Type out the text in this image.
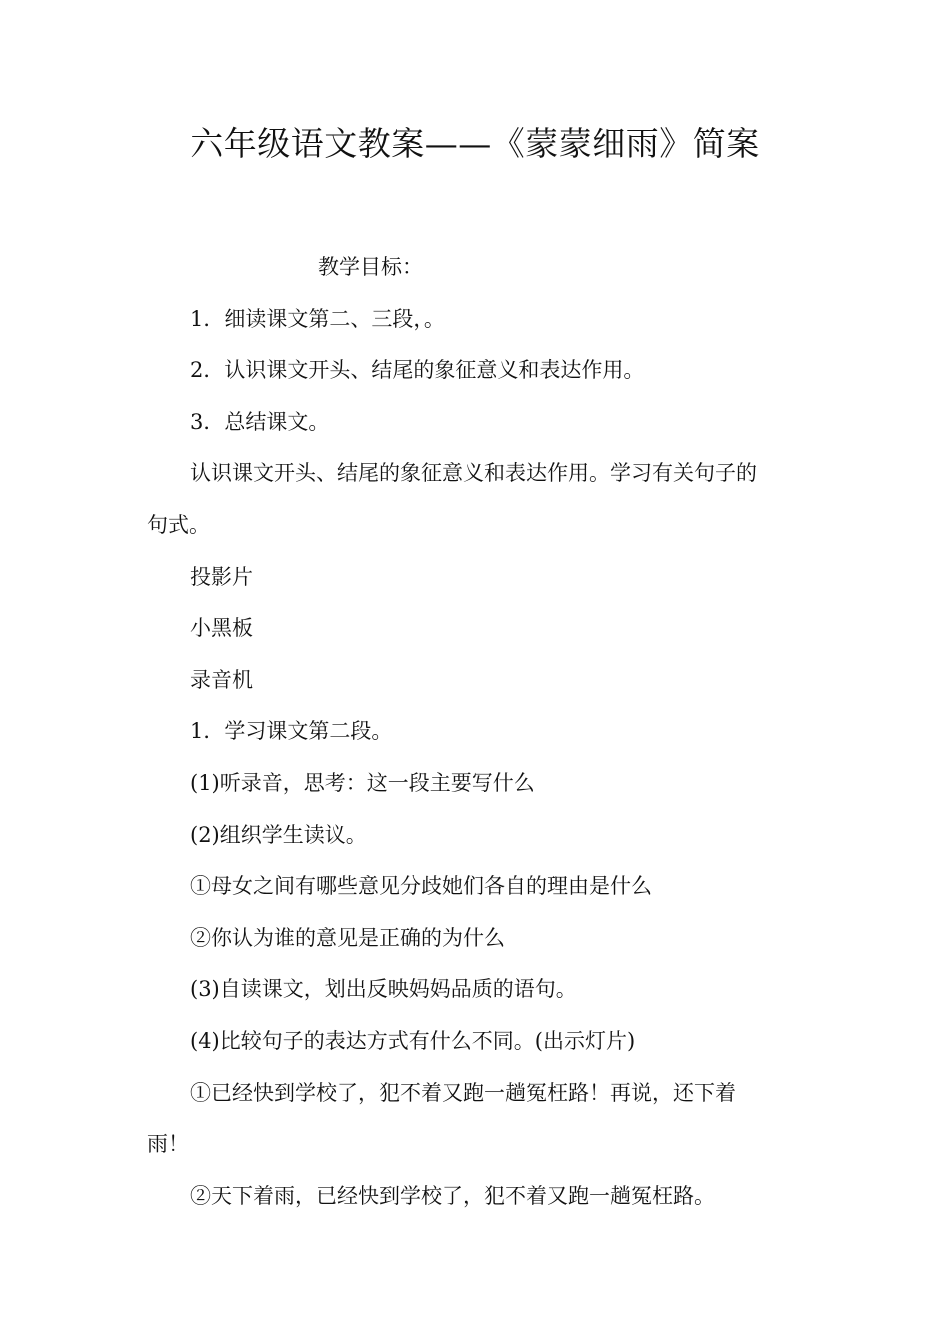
六年级语文教案——《蒙蒙细雨》简案

教学目标：

1．细读课文第二、三段，。

2．认识课文开头、结尾的象征意义和表达作用。

3．总结课文。

认识课文开头、结尾的象征意义和表达作用。学习有关句子的

句式。

投影片

小黑板

录音机

1．学习课文第二段。

(1)听录音，思考：这一段主要写什么

(2)组织学生读议。

①母女之间有哪些意见分歧她们各自的理由是什么

②你认为谁的意见是正确的为什么

(3)自读课文，划出反映妈妈品质的语句。

(4)比较句子的表达方式有什么不同。(出示灯片)

①已经快到学校了，犯不着又跑一趟冤枉路！再说，还下着

雨！

②天下着雨，已经快到学校了，犯不着又跑一趟冤枉路。
